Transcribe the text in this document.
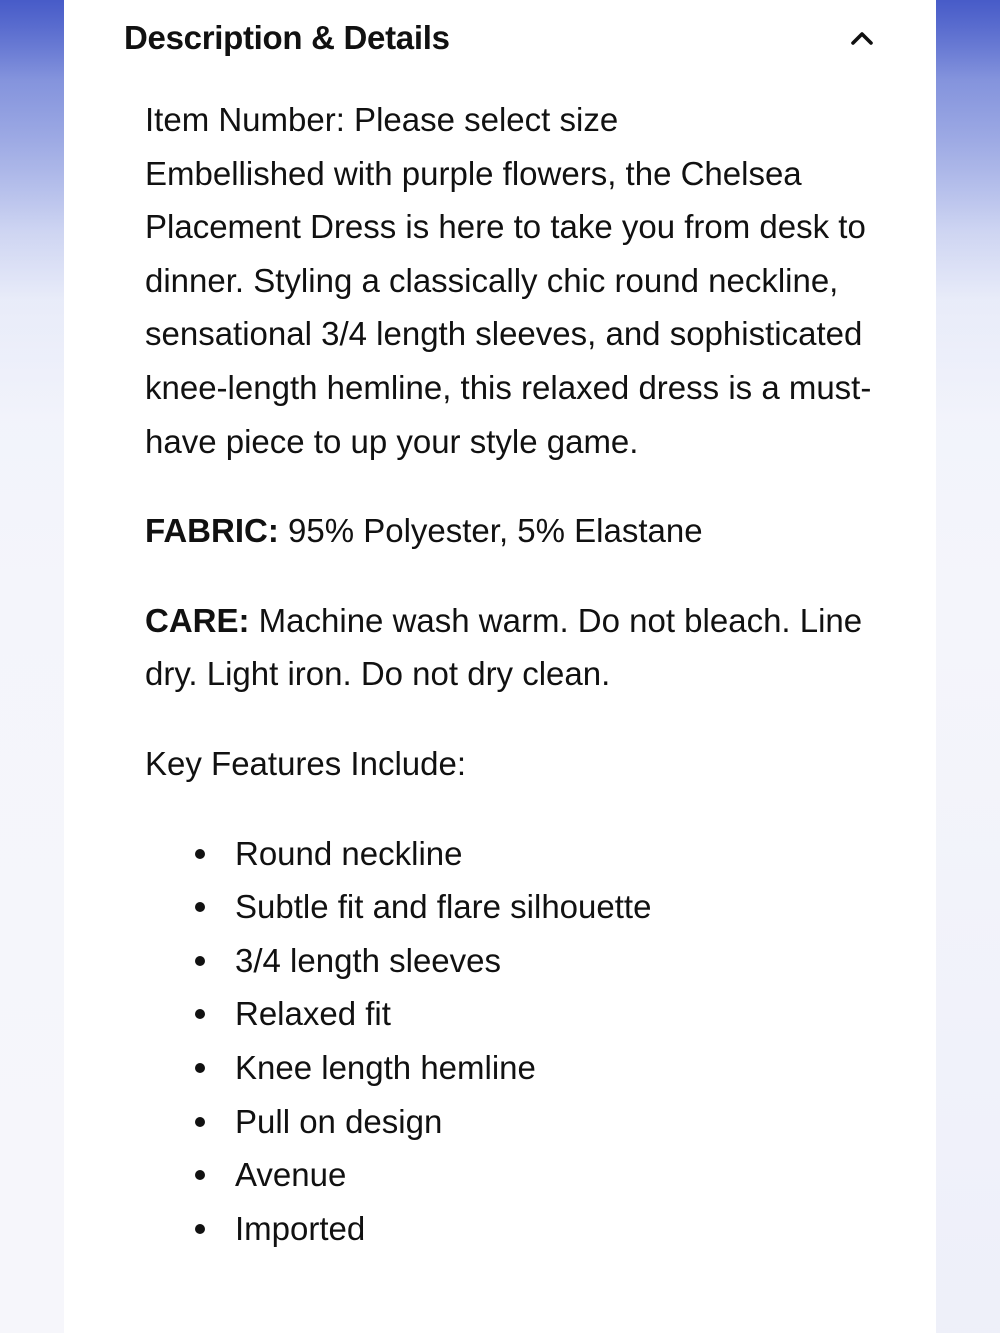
Description & Details

Item Number: Please select size

Embellished with purple flowers, the Chelsea Placement Dress is here to take you from desk to dinner. Styling a classically chic round neckline, sensational 3/4 length sleeves, and sophisticated knee-length hemline, this relaxed dress is a must-have piece to up your style game.

FABRIC: 95% Polyester, 5% Elastane

CARE: Machine wash warm. Do not bleach. Line dry. Light iron. Do not dry clean.

Key Features Include:

Round neckline
Subtle fit and flare silhouette
3/4 length sleeves
Relaxed fit
Knee length hemline
Pull on design
Avenue
Imported
